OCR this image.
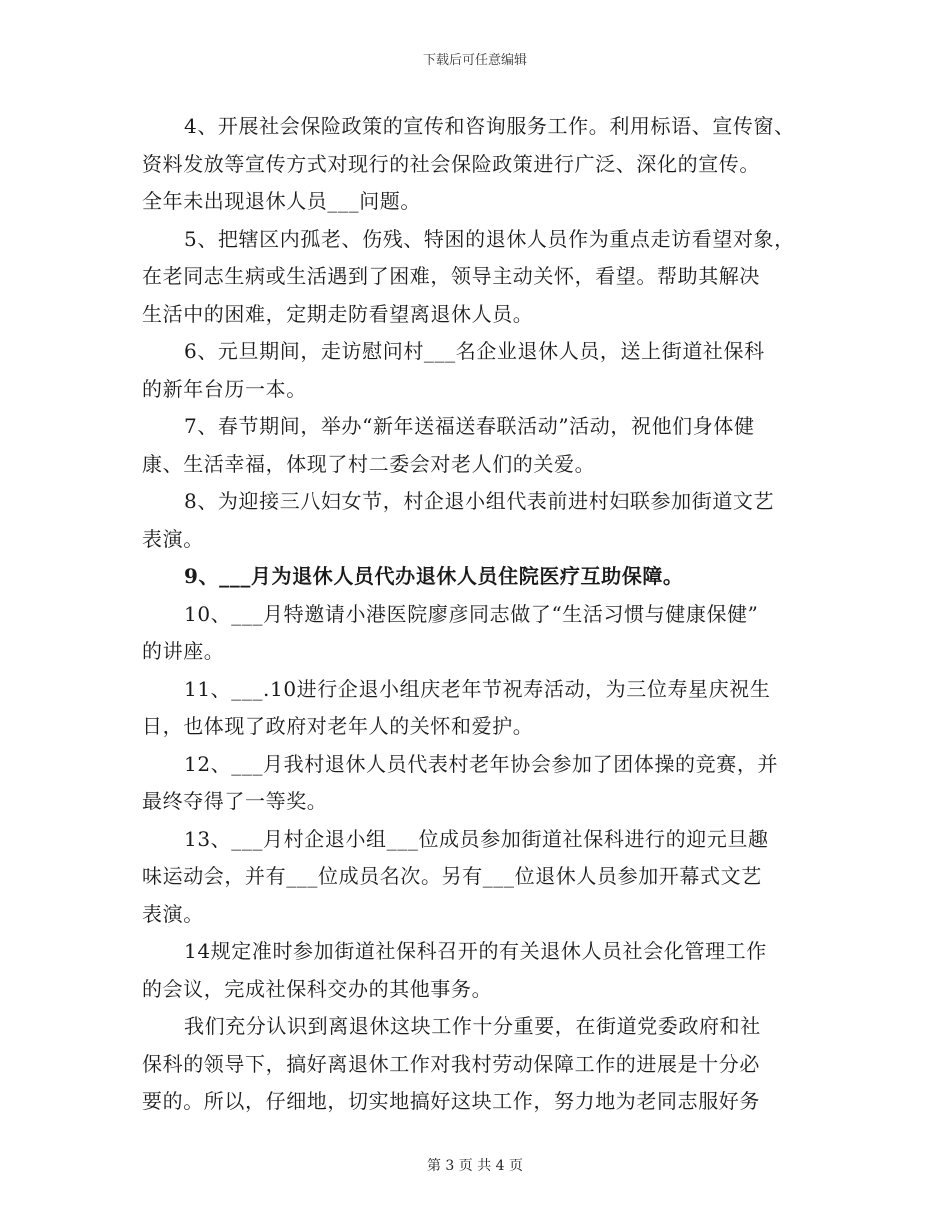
下载后可任意编辑
4、开展社会保险政策的宣传和咨询服务工作。利用标语、宣传窗、
资料发放等宣传方式对现行的社会保险政策进行广泛、深化的宣传。
全年未出现退休人员___问题。
5、把辖区内孤老、伤残、特困的退休人员作为重点走访看望对象，
在老同志生病或生活遇到了困难，领导主动关怀，看望。帮助其解决
生活中的困难，定期走防看望离退休人员。
6、元旦期间，走访慰问村___名企业退休人员，送上街道社保科
的新年台历一本。
7、春节期间，举办“新年送福送春联活动”活动，祝他们身体健
康、生活幸福，体现了村二委会对老人们的关爱。
8、为迎接三八妇女节，村企退小组代表前进村妇联参加街道文艺
表演。
9、___月为退休人员代办退休人员住院医疗互助保障。
10、___月特邀请小港医院廖彦同志做了“生活习惯与健康保健”
的讲座。
11、___.10进行企退小组庆老年节祝寿活动，为三位寿星庆祝生
日，也体现了政府对老年人的关怀和爱护。
12、___月我村退休人员代表村老年协会参加了团体操的竞赛，并
最终夺得了一等奖。
13、___月村企退小组___位成员参加街道社保科进行的迎元旦趣
味运动会，并有___位成员名次。另有___位退休人员参加开幕式文艺
表演。
14规定准时参加街道社保科召开的有关退休人员社会化管理工作
的会议，完成社保科交办的其他事务。
我们充分认识到离退休这块工作十分重要，在街道党委政府和社
保科的领导下，搞好离退休工作对我村劳动保障工作的进展是十分必
要的。所以，仔细地，切实地搞好这块工作，努力地为老同志服好务
第 3 页 共 4 页
